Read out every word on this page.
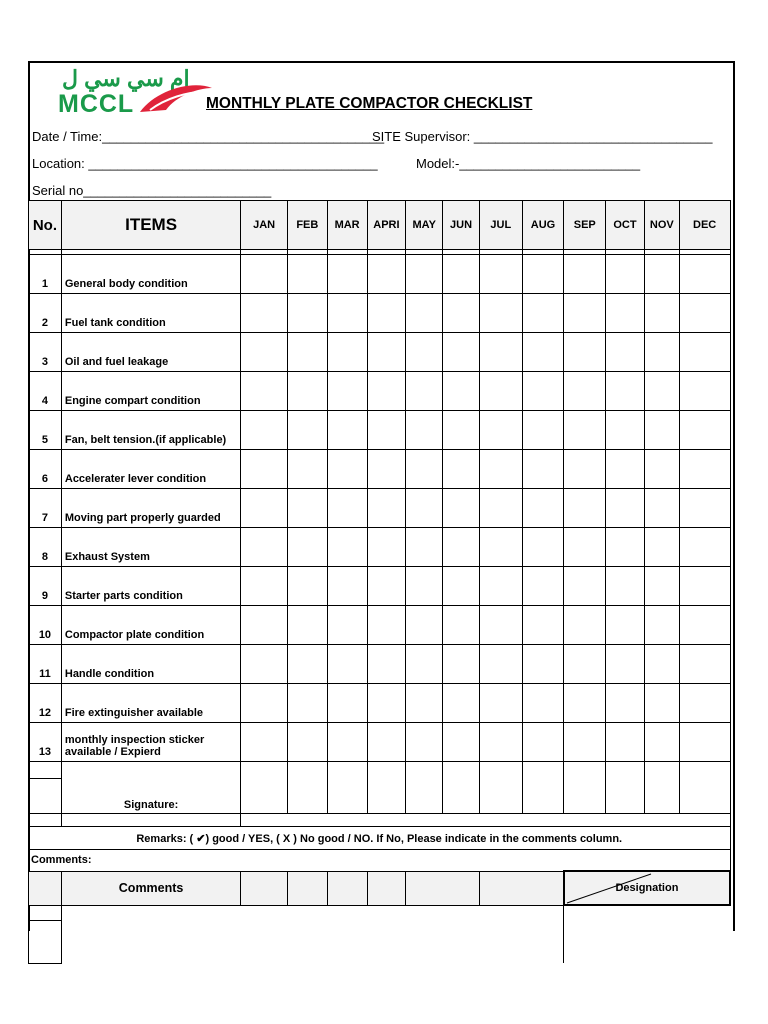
ام سي سي ل
MCCL	MONTHLY PLATE COMPACTOR CHECKLIST
Date / Time:_______________________________________
SITE Supervisor: _________________________________
Location: ________________________________________	Model:-_________________________
Serial no__________________________
No.	ITEMS	JAN	FEB	MAR	APRI	MAY	JUN	JUL	AUG	SEP	OCT	NOV	DEC

1	General body condition												
2	Fuel tank condition												
3	Oil and fuel leakage												
4	Engine compart condition												
5	Fan, belt tension.(if applicable)												
6	Accelerater lever condition												
7	Moving part properly guarded												
8	Exhaust System												
9	Starter parts condition												
10	Compactor plate condition												
11	Handle condition												
12	Fire extinguisher available												
13	monthly inspection sticker available / Expierd												
	Signature:												

Remarks: ( ✔) good / YES, ( X ) No good / NO. If No, Please indicate in the comments column.													
Comments:													
	Comments									Designation			
